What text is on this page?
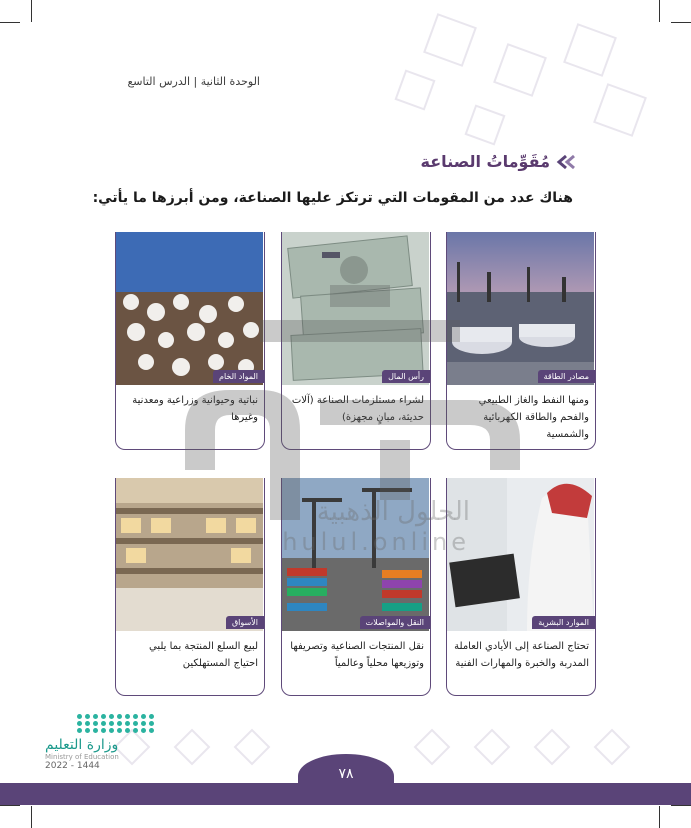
الوحدة الثانية | الدرس التاسع
مُقَوِّماتُ الصناعة
هناك عدد من المقومات التي ترتكز عليها الصناعة، ومن أبرزها ما يأتي:
مصادر الطاقة
ومنها النفط والغاز الطبيعي والفحم والطاقة الكهربائية والشمسية
رأس المال
لشراء مستلزمات الصناعة (آلات حديثة، مبانٍ مجهزة)
المواد الخام
نباتية وحيوانية وزراعية ومعدنية وغيرها
الموارد البشرية
تحتاج الصناعة إلى الأيادي العاملة المدربة والخبرة والمهارات الفنية
النقل والمواصلات
نقل المنتجات الصناعية وتصريفها وتوزيعها محلياً وعالمياً
الأسواق
لبيع السلع المنتجة بما يلبي احتياج المستهلكين
الحلول الذهبية
hulul.online
٧٨
وزارة التعليم
Ministry of Education
2022 - 1444
